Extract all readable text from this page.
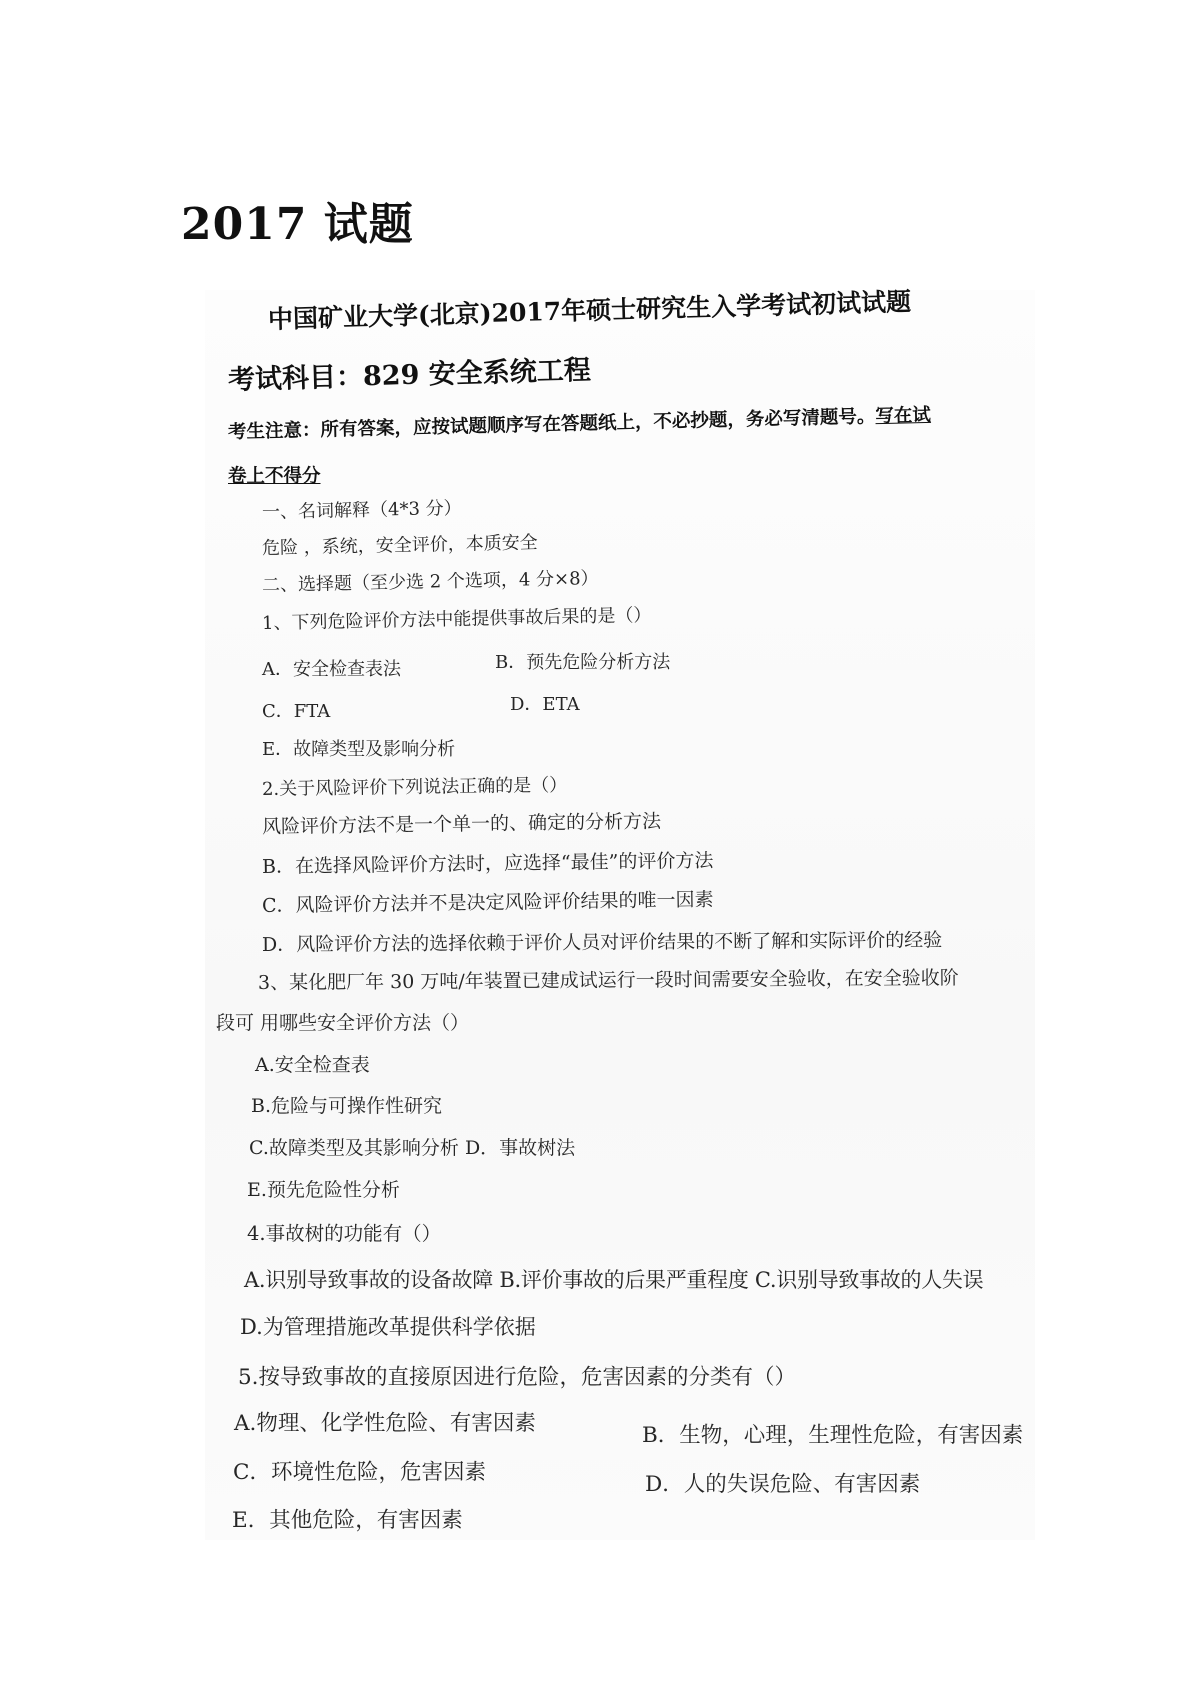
2017 试题
中国矿业大学(北京)2017年硕士研究生入学考试初试试题
考试科目：829 安全系统工程
考生注意：所有答案，应按试题顺序写在答题纸上，不必抄题，务必写清题号。写在试
卷上不得分
一、名词解释（4*3 分）
危险 ，系统，安全评价，本质安全
二、选择题（至少选 2 个选项，4 分×8）
1、下列危险评价方法中能提供事故后果的是（）
A．安全检查表法	B．预先危险分析方法
C．FTA	D．ETA
E．故障类型及影响分析
2.关于风险评价下列说法正确的是（）
风险评价方法不是一个单一的、确定的分析方法
B．在选择风险评价方法时，应选择“最佳”的评价方法
C．风险评价方法并不是决定风险评价结果的唯一因素
D．风险评价方法的选择依赖于评价人员对评价结果的不断了解和实际评价的经验
3、某化肥厂年 30 万吨/年装置已建成试运行一段时间需要安全验收，在安全验收阶
段可 用哪些安全评价方法（）
A.安全检查表
B.危险与可操作性研究
C.故障类型及其影响分析 D．事故树法
E.预先危险性分析
4.事故树的功能有（）
A.识别导致事故的设备故障 B.评价事故的后果严重程度 C.识别导致事故的人失误
D.为管理措施改革提供科学依据
5.按导致事故的直接原因进行危险，危害因素的分类有（）
A.物理、化学性危险、有害因素	B．生物，心理，生理性危险，有害因素
C．环境性危险，危害因素	D．人的失误危险、有害因素
E．其他危险，有害因素
